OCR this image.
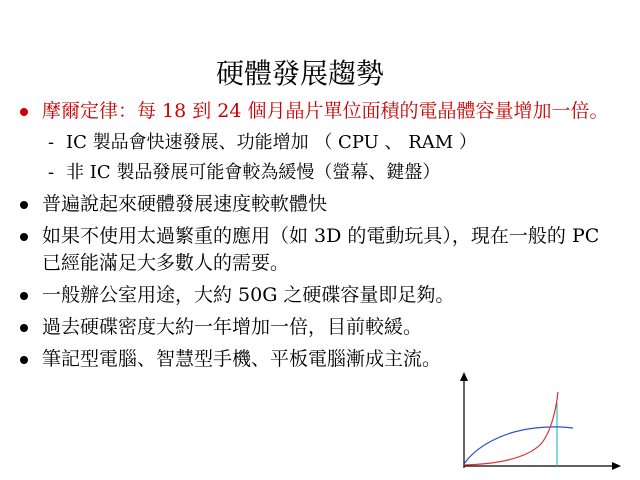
硬體發展趨勢
摩爾定律：每 18 到 24 個月晶片單位面積的電晶體容量增加一倍。
- IC 製品會快速發展、功能增加 （ CPU 、 RAM ）
- 非 IC 製品發展可能會較為緩慢（螢幕、鍵盤）
普遍說起來硬體發展速度較軟體快
如果不使用太過繁重的應用（如 3D 的電動玩具），現在一般的 PC 已經能滿足大多數人的需要。
一般辦公室用途，大約 50G 之硬碟容量即足夠。
過去硬碟密度大約一年增加一倍，目前較緩。
筆記型電腦、智慧型手機、平板電腦漸成主流。
